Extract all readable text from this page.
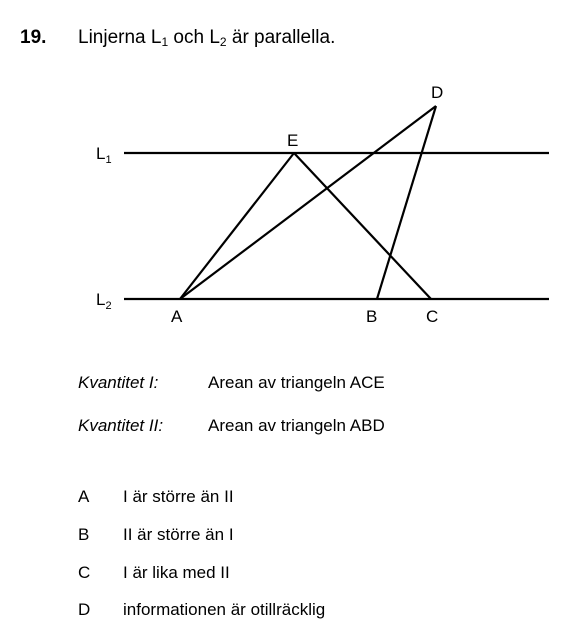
19. Linjerna $L_1$ och $L_2$ är parallella.
$L_1$
$L_2$
E
D
A	B	C
Kvantitet I:	Arean av triangeln ACE
Kvantitet II:	Arean av triangeln ABD
A I är större än II
B II är större än I
C I är lika med II
D informationen är otillräcklig
